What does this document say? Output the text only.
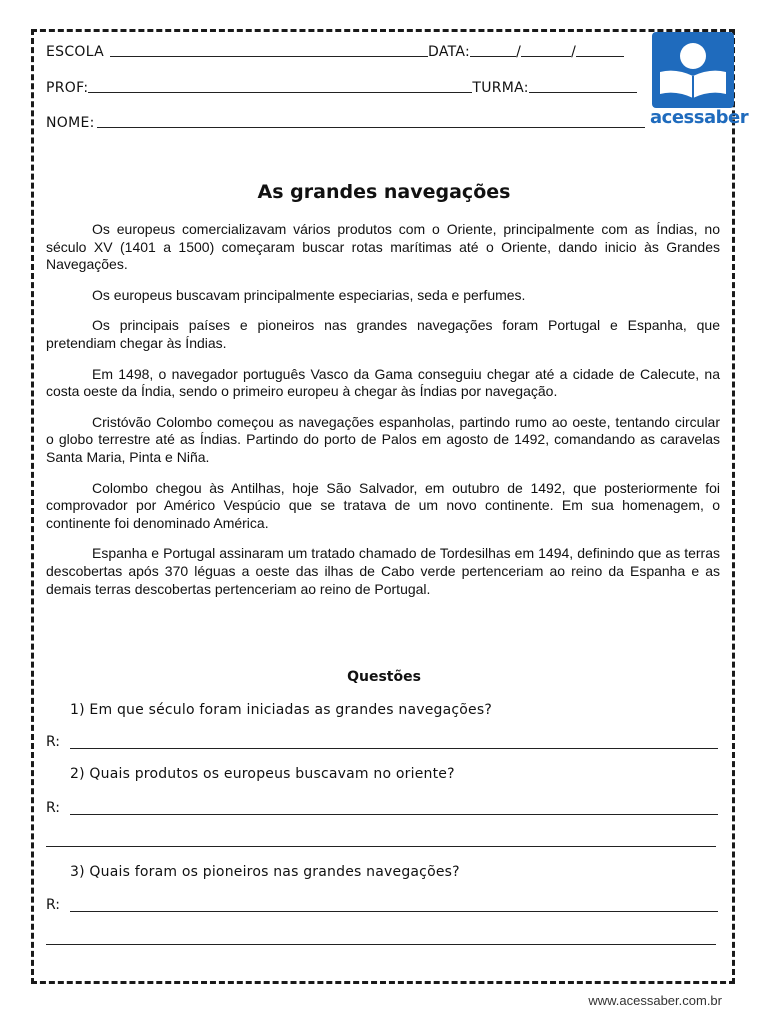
ESCOLA	DATA:	/	/
PROF:	TURMA:
NOME:	acessaber
As grandes navegações

Os europeus comercializavam vários produtos com o Oriente, principalmente com as Índias, no século XV (1401 a 1500) começaram buscar rotas marítimas até o Oriente, dando inicio às Grandes Navegações.

Os europeus buscavam principalmente especiarias, seda e perfumes.

Os principais países e pioneiros nas grandes navegações foram Portugal e Espanha, que pretendiam chegar às Índias.

Em 1498, o navegador português Vasco da Gama conseguiu chegar até a cidade de Calecute, na costa oeste da Índia, sendo o primeiro europeu à chegar às Índias por navegação.

Cristóvão Colombo começou as navegações espanholas, partindo rumo ao oeste, tentando circular o globo terrestre até as Índias. Partindo do porto de Palos em agosto de 1492, comandando as caravelas Santa Maria, Pinta e Niña.

Colombo chegou às Antilhas, hoje São Salvador, em outubro de 1492, que posteriormente foi comprovador por Américo Vespúcio que se tratava de um novo continente. Em sua homenagem, o continente foi denominado América.

Espanha e Portugal assinaram um tratado chamado de Tordesilhas em 1494, definindo que as terras descobertas após 370 léguas a oeste das ilhas de Cabo verde pertenceriam ao reino da Espanha e as demais terras descobertas pertenceriam ao reino de Portugal.

Questões
1) Em que século foram iniciadas as grandes navegações?
R:
2) Quais produtos os europeus buscavam no oriente?
R:
3) Quais foram os pioneiros nas grandes navegações?
R:
www.acessaber.com.br
